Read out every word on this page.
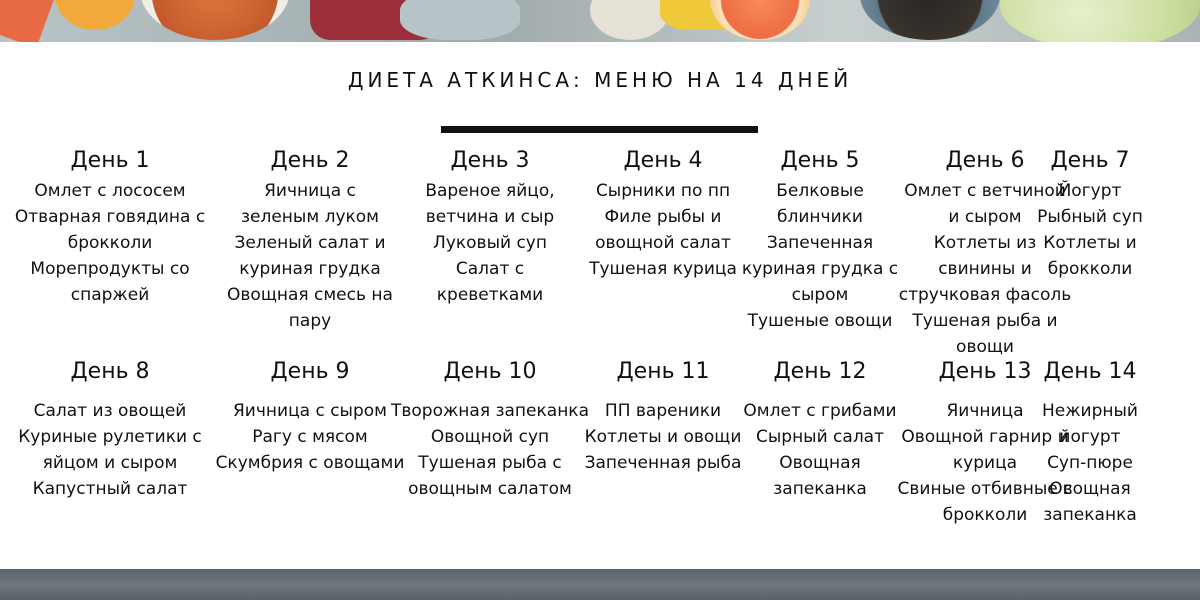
ДИЕТА АТКИНСА: МЕНЮ НА 14 ДНЕЙ
День 1
Омлет с лососем
Отварная говядина с
брокколи
Морепродукты со
спаржей
День 2
Яичница с
зеленым луком
Зеленый салат и
куриная грудка
Овощная смесь на
пару
День 3
Вареное яйцо,
ветчина и сыр
Луковый суп
Салат с
креветками
День 4
Сырники по пп
Филе рыбы и
овощной салат
Тушеная курица
День 5
Белковые
блинчики
Запеченная
куриная грудка с
сыром
Тушеные овощи
День 6
Омлет с ветчиной
и сыром
Котлеты из
свинины и
стручковая фасоль
Тушеная рыба и
овощи
День 7
Йогурт
Рыбный суп
Котлеты и
брокколи
День 8
Салат из овощей
Куриные рулетики с
яйцом и сыром
Капустный салат
День 9
Яичница с сыром
Рагу с мясом
Скумбрия с овощами
День 10
Творожная запеканка
Овощной суп
Тушеная рыба с
овощным салатом
День 11
ПП вареники
Котлеты и овощи
Запеченная рыба
День 12
Омлет с грибами
Сырный салат
Овощная
запеканка
День 13
Яичница
Овощной гарнир и
курица
Свиные отбивные с
брокколи
День 14
Нежирный
йогурт
Суп-пюре
Овощная
запеканка
